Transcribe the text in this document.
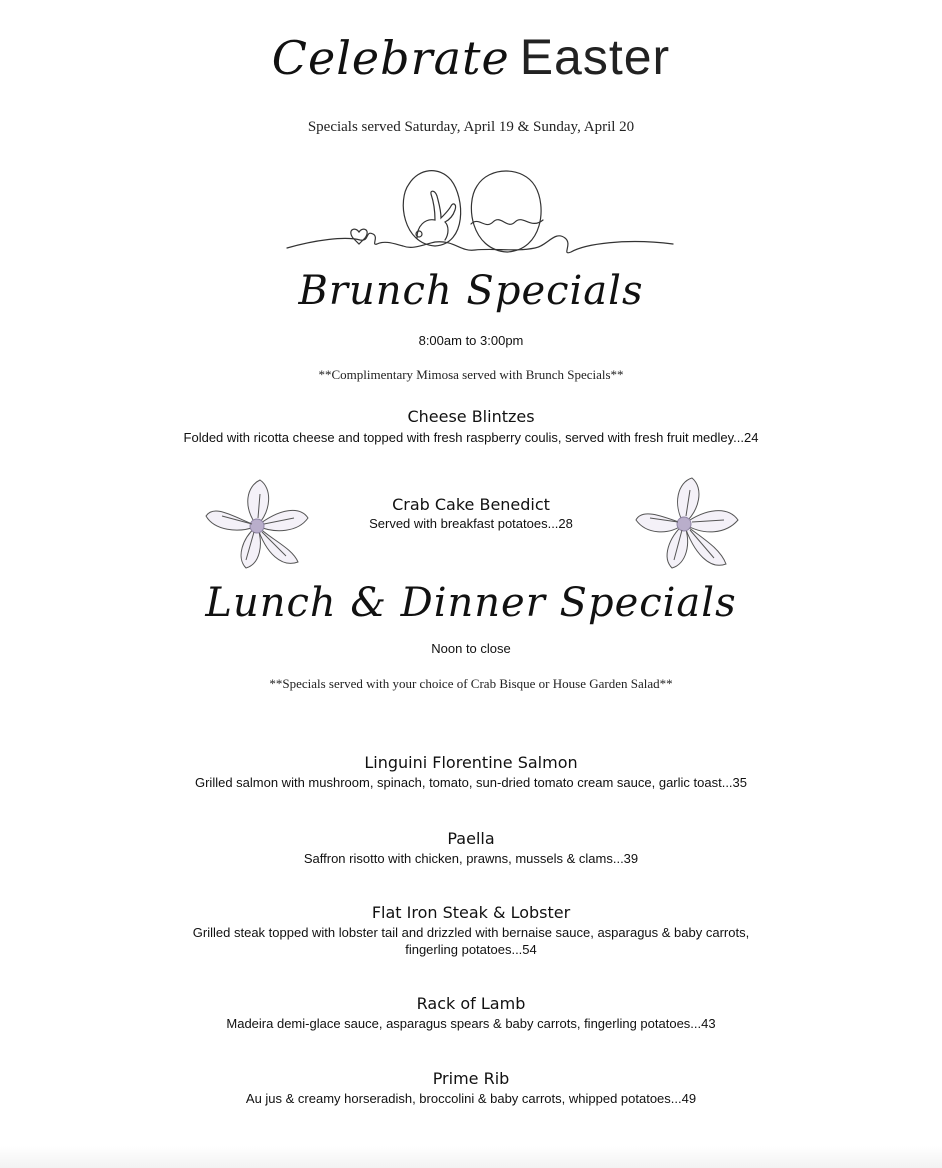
Celebrate Easter
Specials served Saturday, April 19 & Sunday, April 20
Brunch Specials
8:00am to 3:00pm
**Complimentary Mimosa served with Brunch Specials**
Cheese Blintzes
Folded with ricotta cheese and topped with fresh raspberry coulis, served with fresh fruit medley...24
Crab Cake Benedict
Served with breakfast potatoes...28
Lunch & Dinner Specials
Noon to close
**Specials served with your choice of Crab Bisque or House Garden Salad**
Linguini Florentine Salmon
Grilled salmon with mushroom, spinach, tomato, sun-dried tomato cream sauce, garlic toast...35
Paella
Saffron risotto with chicken, prawns, mussels & clams...39
Flat Iron Steak & Lobster
Grilled steak topped with lobster tail and drizzled with bernaise sauce, asparagus & baby carrots,
fingerling potatoes...54
Rack of Lamb
Madeira demi-glace sauce, asparagus spears & baby carrots, fingerling potatoes...43
Prime Rib
Au jus & creamy horseradish, broccolini & baby carrots, whipped potatoes...49
